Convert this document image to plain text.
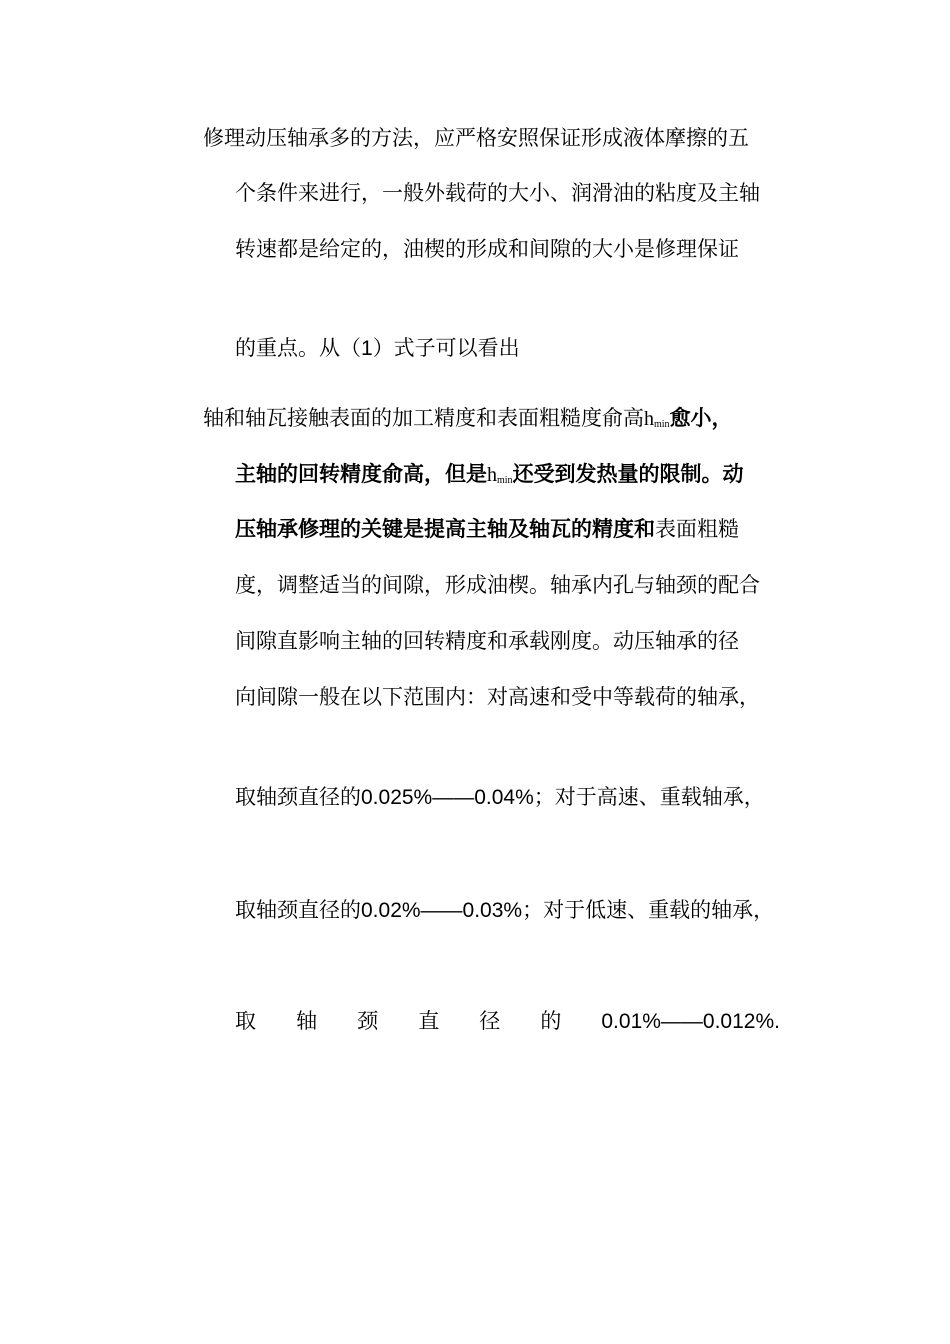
修理动压轴承多的方法，应严格安照保证形成液体摩擦的五
个条件来进行，一般外载荷的大小、润滑油的粘度及主轴
转速都是给定的，油楔的形成和间隙的大小是修理保证
的重点。从（1）式子可以看出
轴和轴瓦接触表面的加工精度和表面粗糙度俞高$h_{min}$愈小，
主轴的回转精度俞高，但是$h_{min}$还受到发热量的限制。动
压轴承修理的关键是提高主轴及轴瓦的精度和表面粗糙
度，调整适当的间隙，形成油楔。轴承内孔与轴颈的配合
间隙直影响主轴的回转精度和承载刚度。动压轴承的径
向间隙一般在以下范围内：对高速和受中等载荷的轴承，
取轴颈直径的0.025%——0.04%；对于高速、重载轴承，
取轴颈直径的0.02%——0.03%；对于低速、重载的轴承，
取 轴 颈 直 径 的 0.01%——0.012%.
